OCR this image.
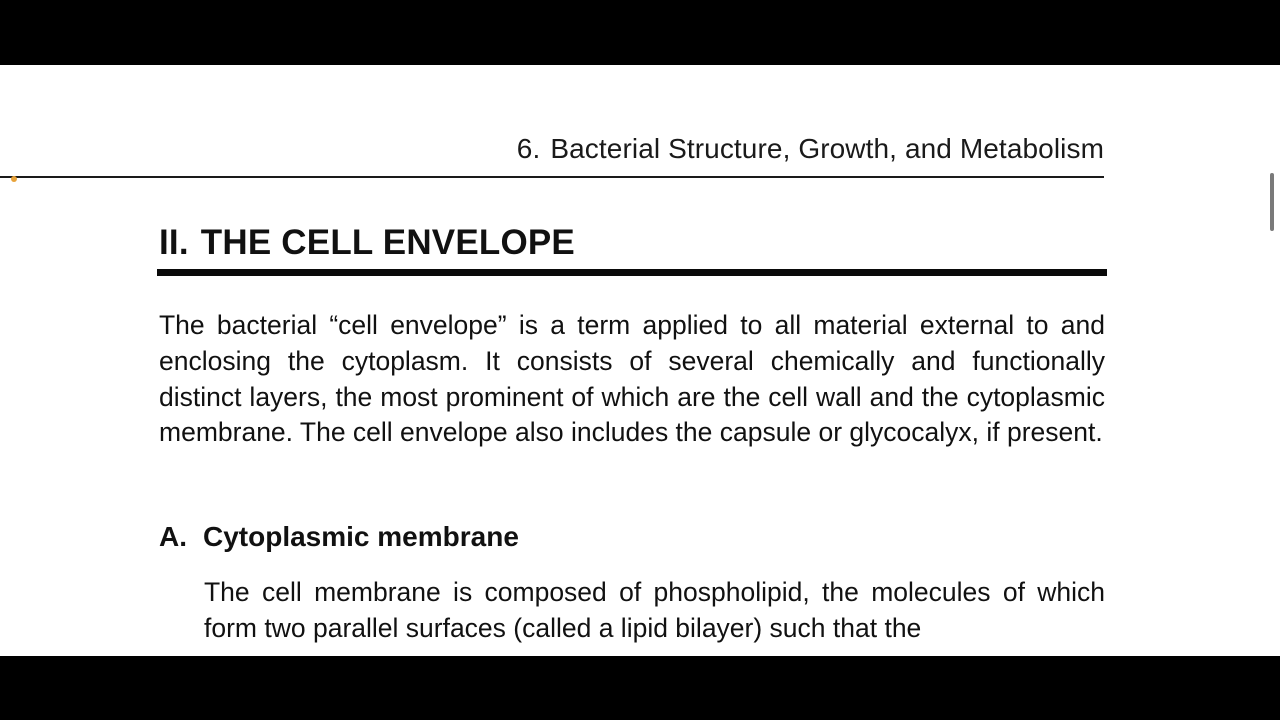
6. Bacterial Structure, Growth, and Metabolism
II. THE CELL ENVELOPE

The bacterial “cell envelope” is a term applied to all material external to and enclosing the cytoplasm. It consists of several chemically and functionally distinct layers, the most prominent of which are the cell wall and the cytoplasmic membrane. The cell envelope also includes the capsule or glycocalyx, if present.

A. Cytoplasmic membrane

The cell membrane is composed of phospholipid, the molecules of which form two parallel surfaces (called a lipid bilayer) such that the
